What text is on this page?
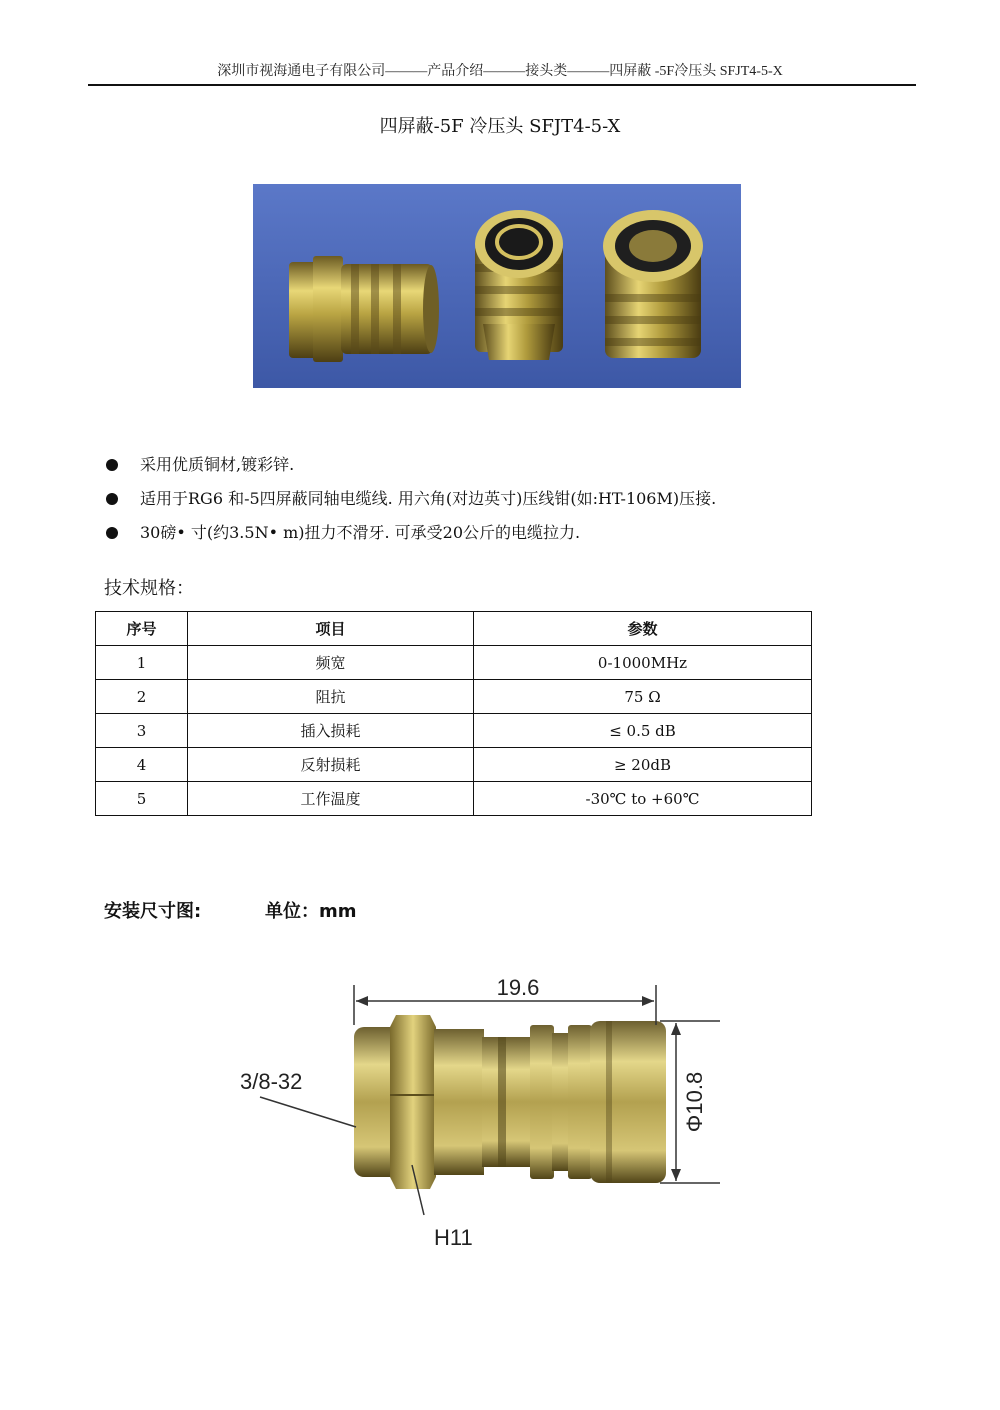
深圳市视海通电子有限公司———产品介绍———接头类———四屏蔽 -5F冷压头 SFJT4-5-X
四屏蔽-5F 冷压头 SFJT4-5-X
采用优质铜材,镀彩锌.
适用于RG6 和-5四屏蔽同轴电缆线. 用六角(对边英寸)压线钳(如:HT-106M)压接.
30磅• 寸(约3.5N• m)扭力不滑牙. 可承受20公斤的电缆拉力.
技术规格：
序号	项目	参数
1	频宽	0-1000MHz
2	阻抗	75 Ω
3	插入损耗	≤ 0.5 dB
4	反射损耗	≥ 20dB
5	工作温度	-30℃ to +60℃
安装尺寸图:	单位：mm
19.6
Φ10.8
3/8-32
H11
